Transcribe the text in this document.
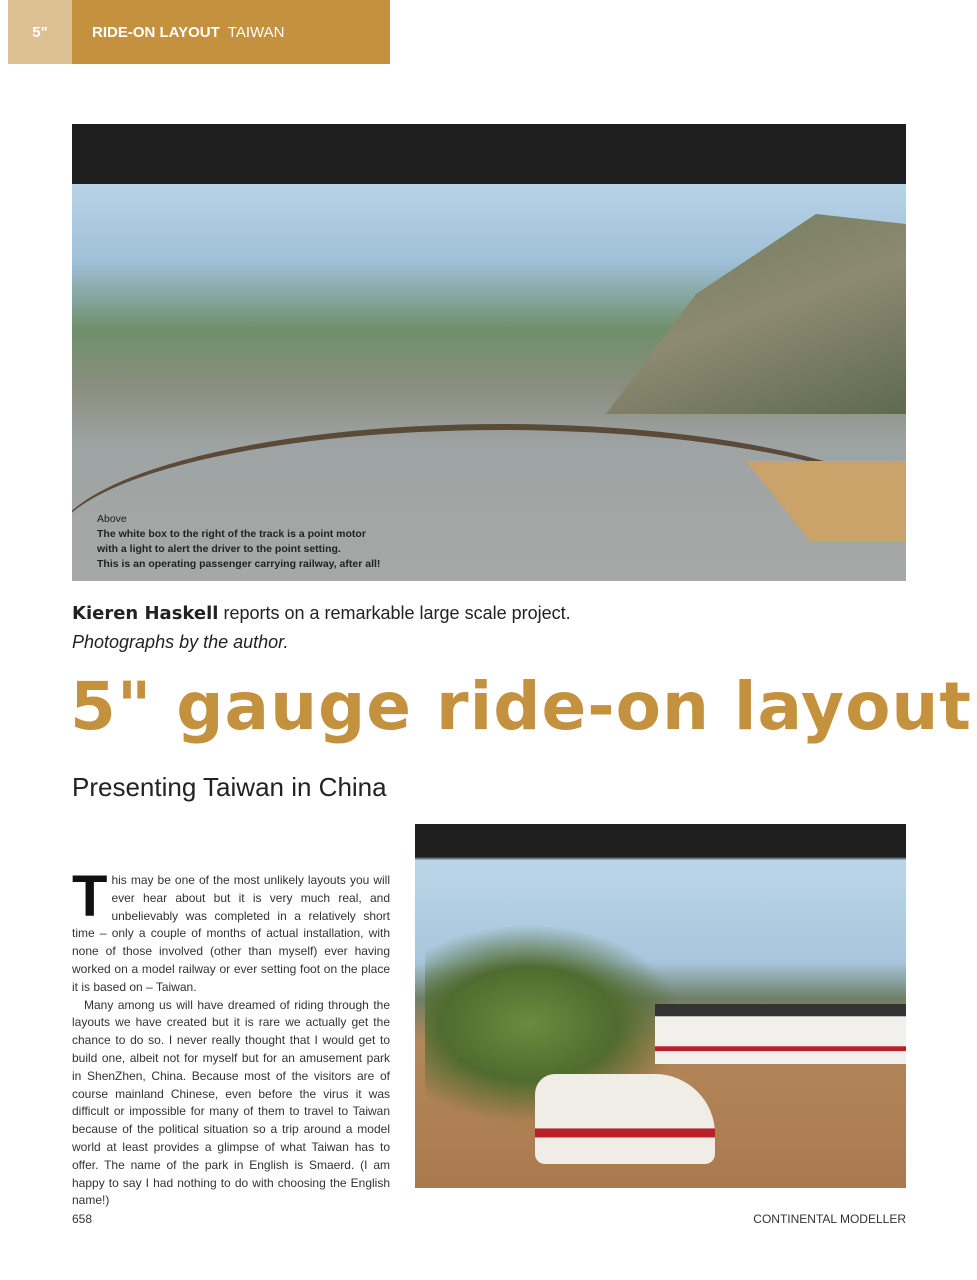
5"	RIDE-ON LAYOUT TAIWAN
Above
The white box to the right of the track is a point motor
with a light to alert the driver to the point setting.
This is an operating passenger carrying railway, after all!
Kieren Haskell reports on a remarkable large scale project.
Photographs by the author.
5" gauge ride-on layout
Presenting Taiwan in China

This may be one of the most unlikely layouts you will ever hear about but it is very much real, and unbelievably was completed in a relatively short time – only a couple of months of actual installation, with none of those involved (other than myself) ever having worked on a model railway or ever setting foot on the place it is based on – Taiwan.

Many among us will have dreamed of riding through the layouts we have created but it is rare we actually get the chance to do so. I never really thought that I would get to build one, albeit not for myself but for an amusement park in ShenZhen, China. Because most of the visitors are of course mainland Chinese, even before the virus it was difficult or impossible for many of them to travel to Taiwan because of the political situation so a trip around a model world at least provides a glimpse of what Taiwan has to offer. The name of the park in English is Smaerd. (I am happy to say I had nothing to do with choosing the English name!)

658	CONTINENTAL MODELLER
